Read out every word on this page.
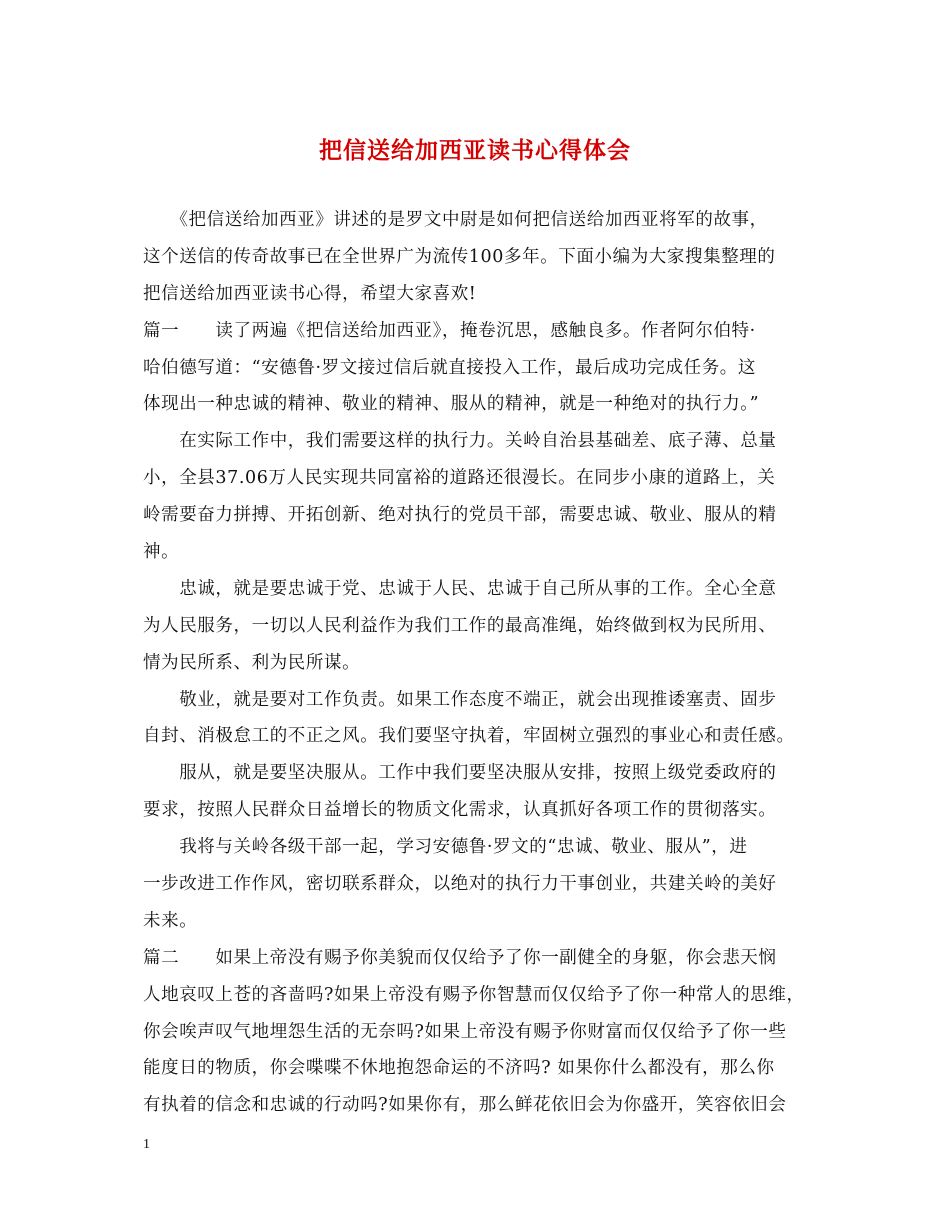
把信送给加西亚读书心得体会
　　《把信送给加西亚》讲述的是罗文中尉是如何把信送给加西亚将军的故事，
这个送信的传奇故事已在全世界广为流传100多年。下面小编为大家搜集整理的
把信送给加西亚读书心得，希望大家喜欢!
篇一　　读了两遍《把信送给加西亚》，掩卷沉思，感触良多。作者阿尔伯特·
哈伯德写道：“安德鲁·罗文接过信后就直接投入工作，最后成功完成任务。这
体现出一种忠诚的精神、敬业的精神、服从的精神，就是一种绝对的执行力。”
　　在实际工作中，我们需要这样的执行力。关岭自治县基础差、底子薄、总量
小，全县37.06万人民实现共同富裕的道路还很漫长。在同步小康的道路上，关
岭需要奋力拼搏、开拓创新、绝对执行的党员干部，需要忠诚、敬业、服从的精
神。
　　忠诚，就是要忠诚于党、忠诚于人民、忠诚于自己所从事的工作。全心全意
为人民服务，一切以人民利益作为我们工作的最高准绳，始终做到权为民所用、
情为民所系、利为民所谋。
　　敬业，就是要对工作负责。如果工作态度不端正，就会出现推诿塞责、固步
自封、消极怠工的不正之风。我们要坚守执着，牢固树立强烈的事业心和责任感。
　　服从，就是要坚决服从。工作中我们要坚决服从安排，按照上级党委政府的
要求，按照人民群众日益增长的物质文化需求，认真抓好各项工作的贯彻落实。
　　我将与关岭各级干部一起，学习安德鲁·罗文的“忠诚、敬业、服从”，进
一步改进工作作风，密切联系群众，以绝对的执行力干事创业，共建关岭的美好
未来。
篇二　　如果上帝没有赐予你美貌而仅仅给予了你一副健全的身躯，你会悲天悯
人地哀叹上苍的吝啬吗?如果上帝没有赐予你智慧而仅仅给予了你一种常人的思维，
你会唉声叹气地埋怨生活的无奈吗?如果上帝没有赐予你财富而仅仅给予了你一些
能度日的物质，你会喋喋不休地抱怨命运的不济吗? 如果你什么都没有，那么你
有执着的信念和忠诚的行动吗?如果你有，那么鲜花依旧会为你盛开，笑容依旧会
1
